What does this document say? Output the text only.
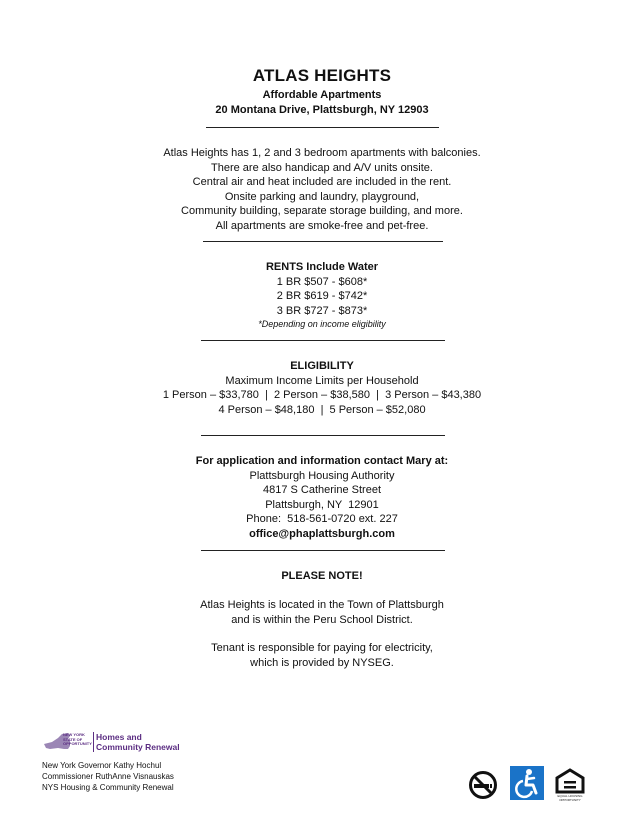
ATLAS HEIGHTS
Affordable Apartments
20 Montana Drive, Plattsburgh, NY 12903
Atlas Heights has 1, 2 and 3 bedroom apartments with balconies.
There are also handicap and A/V units onsite.
Central air and heat included are included in the rent.
Onsite parking and laundry, playground,
Community building, separate storage building, and more.
All apartments are smoke-free and pet-free.
RENTS Include Water
1 BR $507 - $608*
2 BR $619 - $742*
3 BR $727 - $873*
*Depending on income eligibility
ELIGIBILITY
Maximum Income Limits per Household
1 Person – $33,780  |  2 Person – $38,580  |  3 Person – $43,380
4 Person – $48,180  |  5 Person – $52,080
For application and information contact Mary at:
Plattsburgh Housing Authority
4817 S Catherine Street
Plattsburgh, NY  12901
Phone:  518-561-0720 ext. 227
office@phaplattsburgh.com
PLEASE NOTE!
Atlas Heights is located in the Town of Plattsburgh
and is within the Peru School District.
Tenant is responsible for paying for electricity,
which is provided by NYSEG.
NEW YORK STATE OF OPPORTUNITY
Homes and
Community Renewal
New York Governor Kathy Hochul
Commissioner RuthAnne Visnauskas
NYS Housing & Community Renewal
EQUAL HOUSING OPPORTUNITY
